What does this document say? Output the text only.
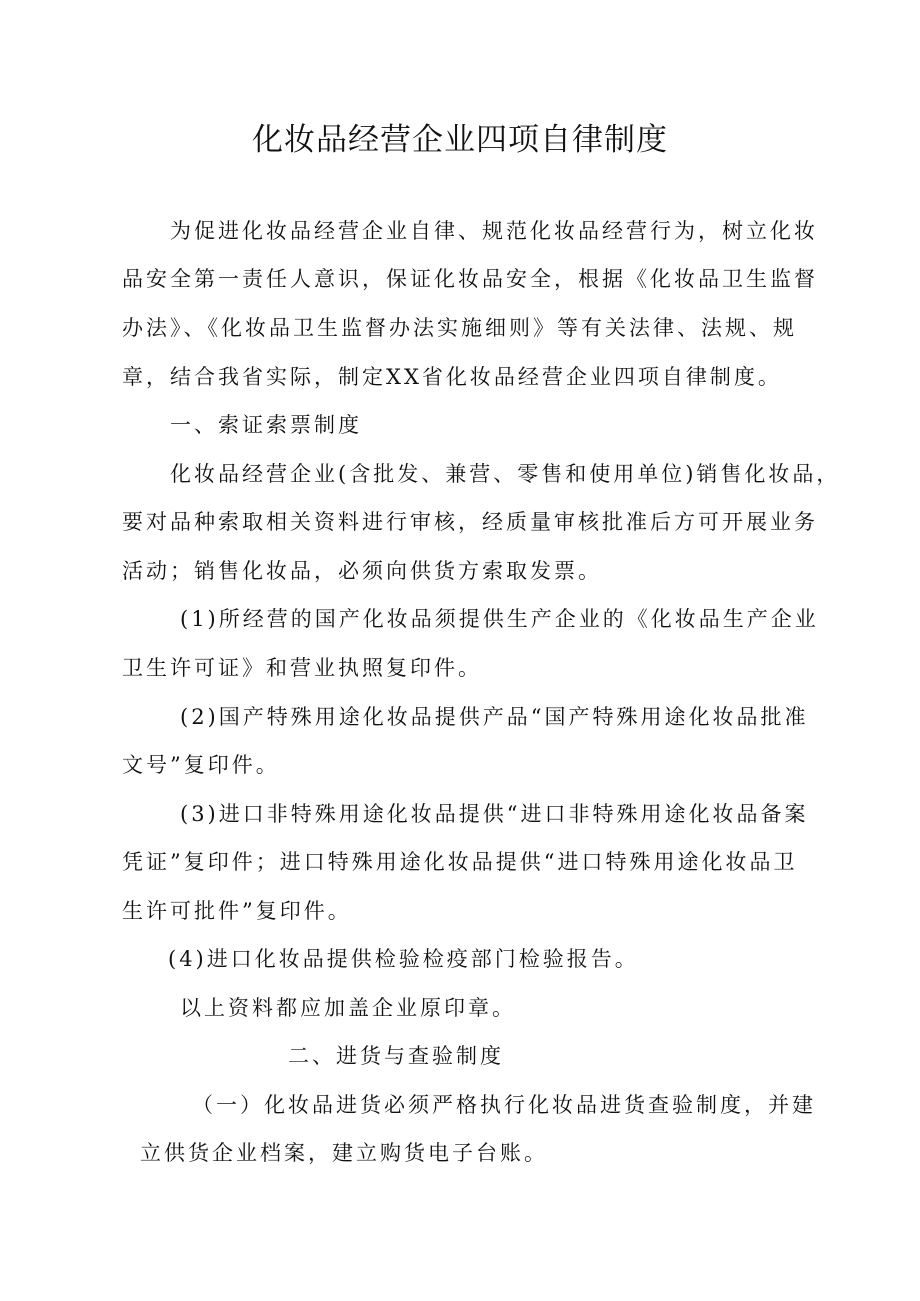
化妆品经营企业四项自律制度
为促进化妆品经营企业自律、规范化妆品经营行为，树立化妆
品安全第一责任人意识，保证化妆品安全，根据《化妆品卫生监督
办法》、《化妆品卫生监督办法实施细则》等有关法律、法规、规
章，结合我省实际，制定XX省化妆品经营企业四项自律制度。
一、索证索票制度
化妆品经营企业(含批发、兼营、零售和使用单位)销售化妆品，
要对品种索取相关资料进行审核，经质量审核批准后方可开展业务
活动；销售化妆品，必须向供货方索取发票。
(1)所经营的国产化妆品须提供生产企业的《化妆品生产企业
卫生许可证》和营业执照复印件。
(2)国产特殊用途化妆品提供产品“国产特殊用途化妆品批准
文号”复印件。
(3)进口非特殊用途化妆品提供“进口非特殊用途化妆品备案
凭证”复印件；进口特殊用途化妆品提供“进口特殊用途化妆品卫
生许可批件”复印件。
(4)进口化妆品提供检验检疫部门检验报告。
以上资料都应加盖企业原印章。
二、进货与查验制度
（一）化妆品进货必须严格执行化妆品进货查验制度，并建
立供货企业档案，建立购货电子台账。
